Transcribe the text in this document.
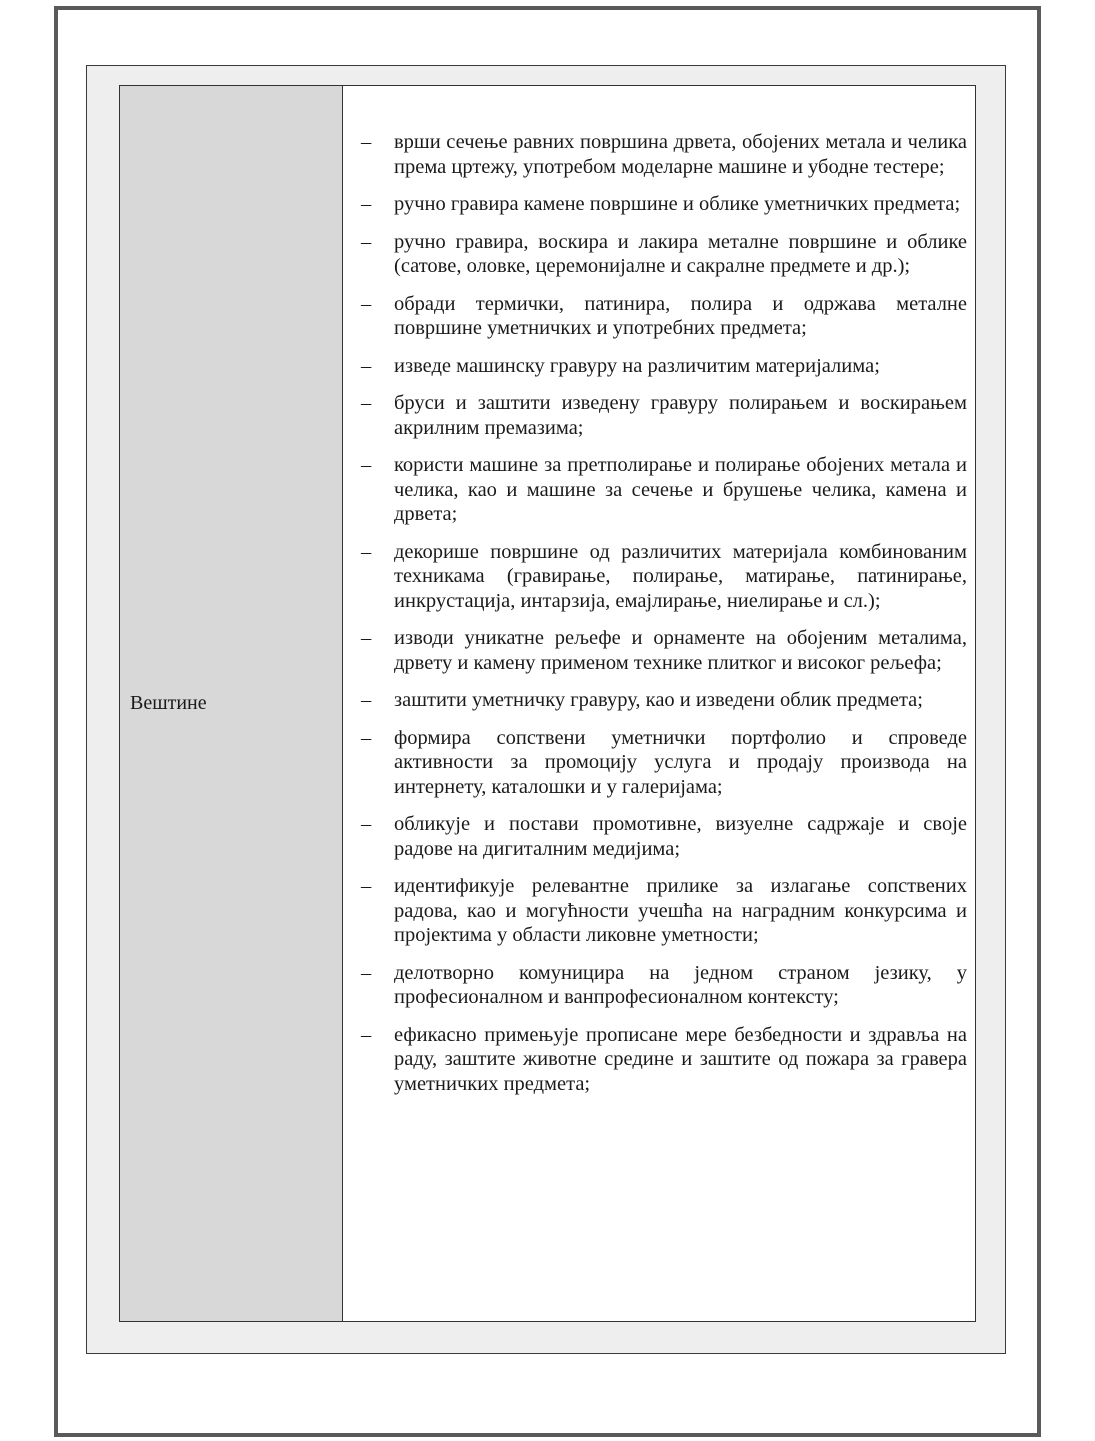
Вештине
– врши сечење равних површина дрвета, обојених метала и челика према цртежу, употребом моделарне машине и убодне тестере;
– ручно гравира камене површине и облике уметничких предмета;
– ручно гравира, воскира и лакира металне површине и облике (сатове, оловке, церемонијалне и сакралне предмете и др.);
– обради термички, патинира, полира и одржава металне површине уметничких и употребних предмета;
– изведе машинску гравуру на различитим материјалима;
– бруси и заштити изведену гравуру полирањем и воскирањем акрилним премазима;
– користи машине за претполирање и полирање обојених метала и челика, као и машине за сечење и брушење челика, камена и дрвета;
– декорише површине од различитих материјала комбинованим техникама (гравирање, полирање, матирање, патинирање, инкрустација, интарзија, емајлирање, ниелирање и сл.);
– изводи уникатне рељефе и орнаменте на обојеним металима, дрвету и камену применом технике плитког и високог рељефа;
– заштити уметничку гравуру, као и изведени облик предмета;
– формира сопствени уметнички портфолио и спроведе активности за промоцију услуга и продају производа на интернету, каталошки и у галеријама;
– обликује и постави промотивне, визуелне садржаје и своје радове на дигиталним медијима;
– идентификује релевантне прилике за излагање сопствених радова, као и могућности учешћа на наградним конкурсима и пројектима у области ликовне уметности;
– делотворно комуницира на једном страном језику, у професионалном и ванпрофесионалном контексту;
– ефикасно примењује прописане мере безбедности и здравља на раду, заштите животне средине и заштите од пожара за гравера уметничких предмета;
